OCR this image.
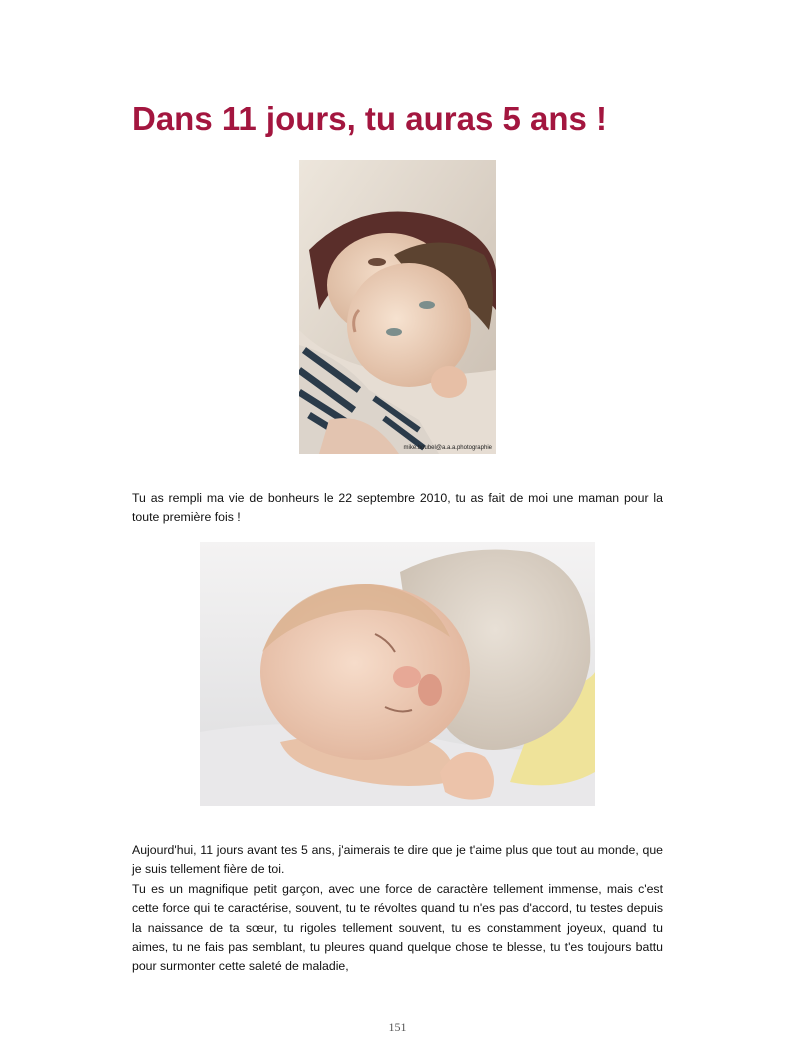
Dans 11 jours, tu auras 5 ans !
mike.boubel@a.a.a.photographie

Tu as rempli ma vie de bonheurs le 22 septembre 2010, tu as fait de moi une maman pour la toute première fois !

Aujourd'hui, 11 jours avant tes 5 ans, j'aimerais te dire que je t'aime plus que tout au monde, que je suis tellement fière de toi.

Tu es un magnifique petit garçon, avec une force de caractère tellement immense, mais c'est cette force qui te caractérise, souvent, tu te révoltes quand tu n'es pas d'accord, tu testes depuis la naissance de ta sœur, tu rigoles tellement souvent, tu es constamment joyeux, quand tu aimes, tu ne fais pas semblant, tu pleures quand quelque chose te blesse, tu t'es toujours battu pour surmonter cette saleté de maladie,

151
